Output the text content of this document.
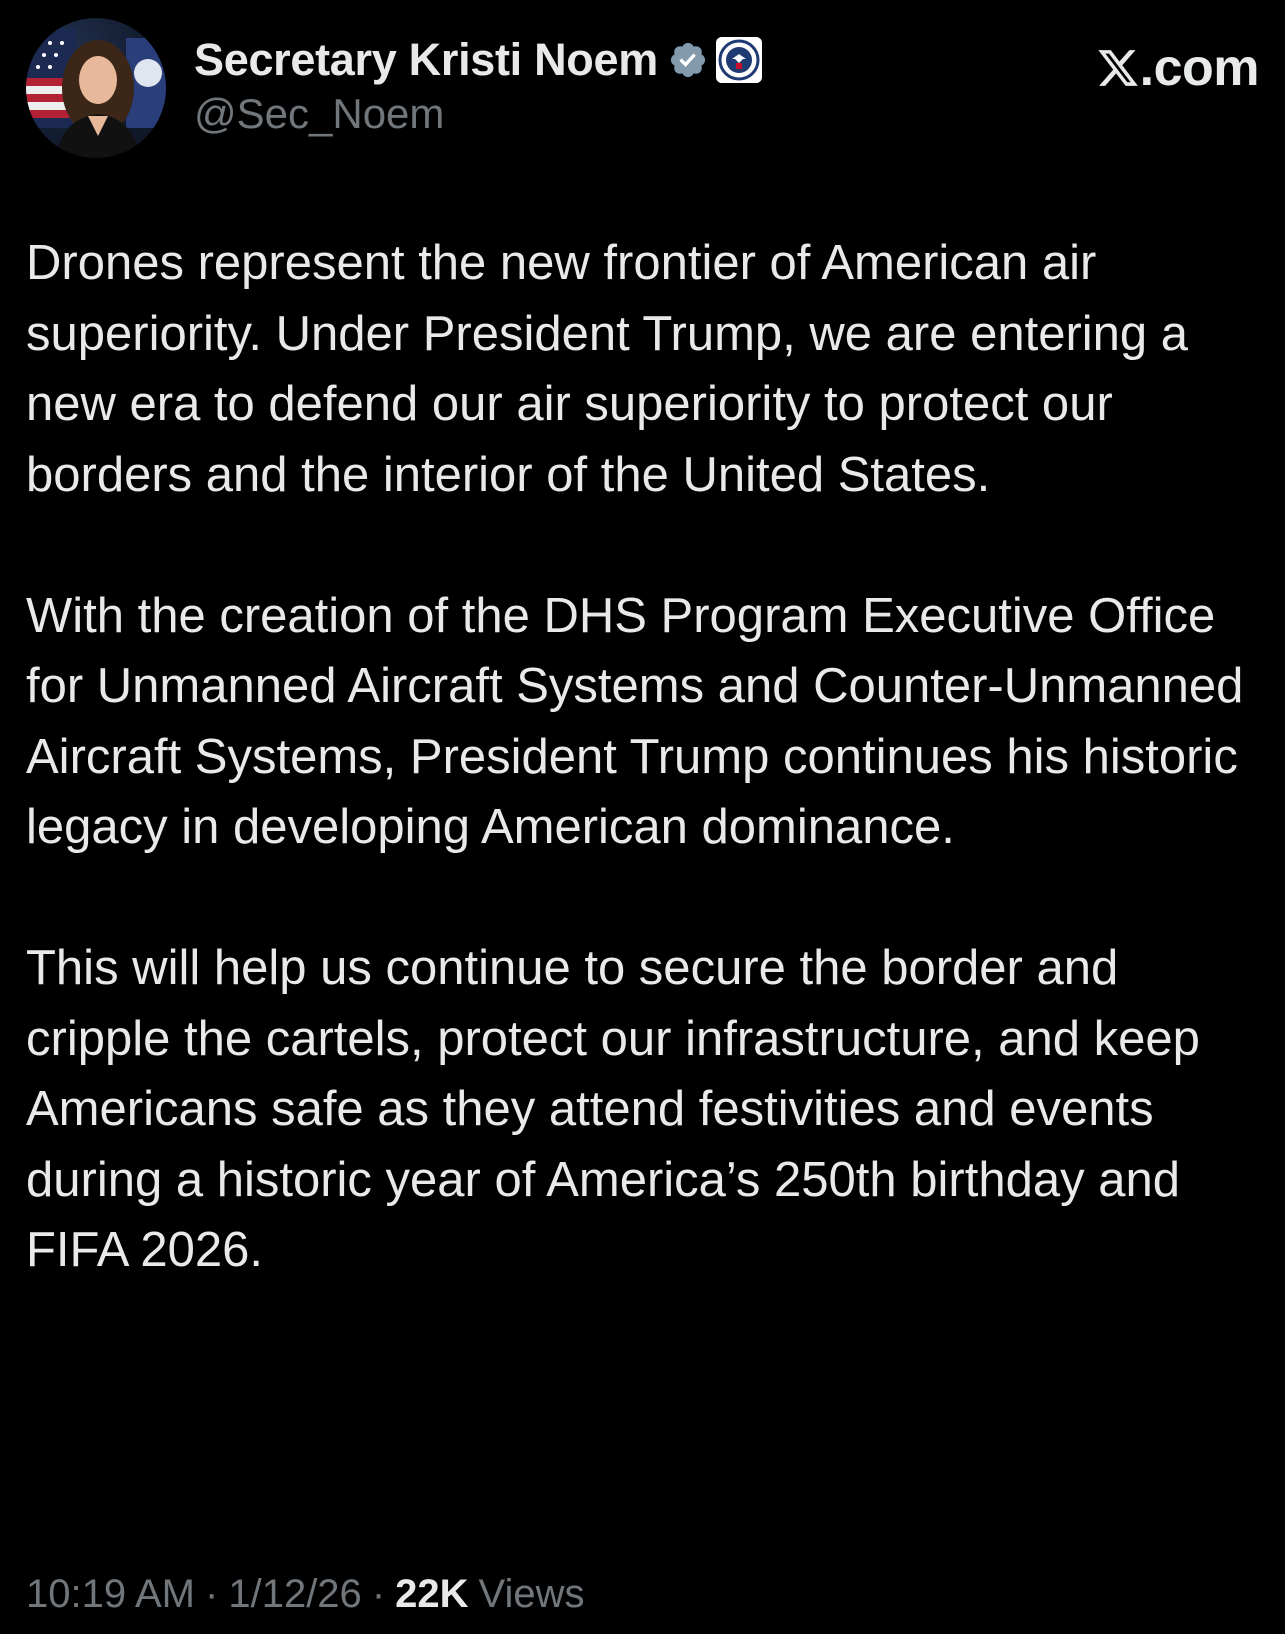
Secretary Kristi Noem
@Sec_Noem
.com

Drones represent the new frontier of American air superiority. Under President Trump, we are entering a new era to defend our air superiority to protect our borders and the interior of the United States.

With the creation of the DHS Program Executive Office for Unmanned Aircraft Systems and Counter-Unmanned Aircraft Systems, President Trump continues his historic legacy in developing American dominance.

This will help us continue to secure the border and cripple the cartels, protect our infrastructure, and keep Americans safe as they attend festivities and events during a historic year of America’s 250th birthday and FIFA 2026.

10:19 AM · 1/12/26 · 22K Views
